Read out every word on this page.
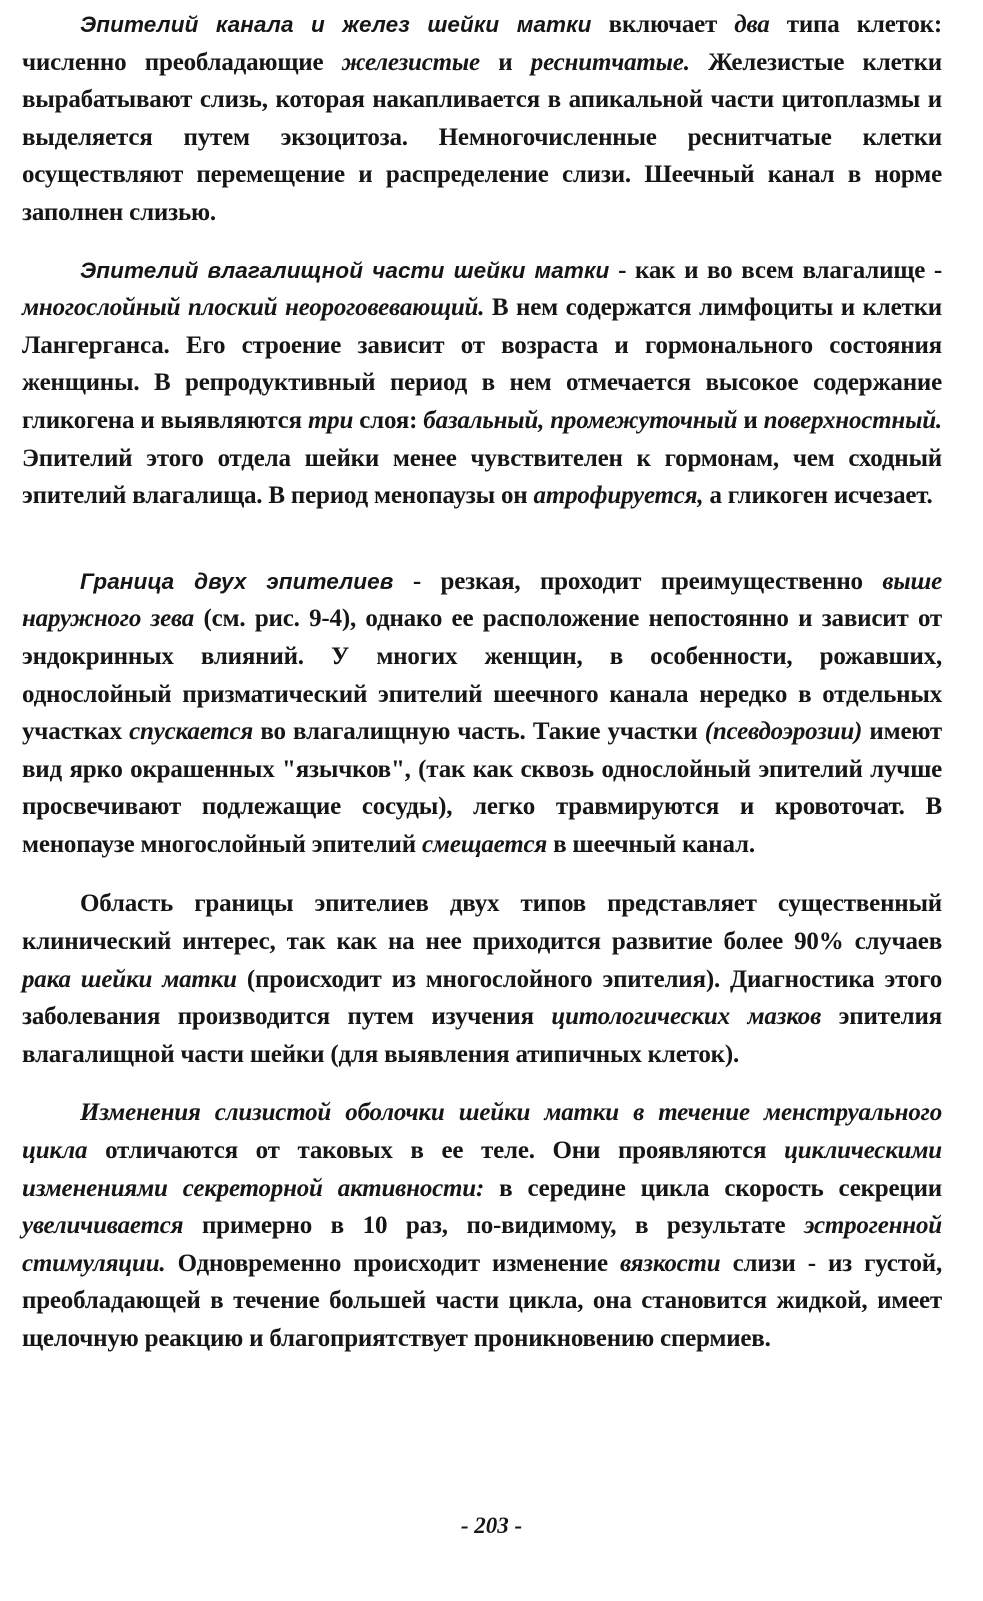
Эпителий канала и желез шейки матки включает два типа клеток: численно преобладающие железистые и реснитчатые. Железистые клетки вырабатывают слизь, которая накапливается в апикальной части цитоплазмы и выделяется путем экзоцитоза. Немногочисленные реснитчатые клетки осуществляют перемещение и распределение слизи. Шеечный канал в норме заполнен слизью.

Эпителий влагалищной части шейки матки - как и во всем влагалище - многослойный плоский неороговевающий. В нем содержатся лимфоциты и клетки Лангерганса. Его строение зависит от возраста и гормонального состояния женщины. В репродуктивный период в нем отмечается высокое содержание гликогена и выявляются три слоя: базальный, промежуточный и поверхностный. Эпителий этого отдела шейки менее чувствителен к гормонам, чем сходный эпителий влагалища. В период менопаузы он атрофируется, а гликоген исчезает.

Граница двух эпителиев - резкая, проходит преимущественно выше наружного зева (см. рис. 9-4), однако ее расположение непостоянно и зависит от эндокринных влияний. У многих женщин, в особенности, рожавших, однослойный призматический эпителий шеечного канала нередко в отдельных участках спускается во влагалищную часть. Такие участки (псевдоэрозии) имеют вид ярко окрашенных "язычков", (так как сквозь однослойный эпителий лучше просвечивают подлежащие сосуды), легко травмируются и кровоточат. В менопаузе многослойный эпителий смещается в шеечный канал.

Область границы эпителиев двух типов представляет существенный клинический интерес, так как на нее приходится развитие более 90% случаев рака шейки матки (происходит из многослойного эпителия). Диагностика этого заболевания производится путем изучения цитологических мазков эпителия влагалищной части шейки (для выявления атипичных клеток).

Изменения слизистой оболочки шейки матки в течение менструального цикла отличаются от таковых в ее теле. Они проявляются циклическими изменениями секреторной активности: в середине цикла скорость секреции увеличивается примерно в 10 раз, по-видимому, в результате эстрогенной стимуляции. Одновременно происходит изменение вязкости слизи - из густой, преобладающей в течение большей части цикла, она становится жидкой, имеет щелочную реакцию и благоприятствует проникновению спермиев.

- 203 -
